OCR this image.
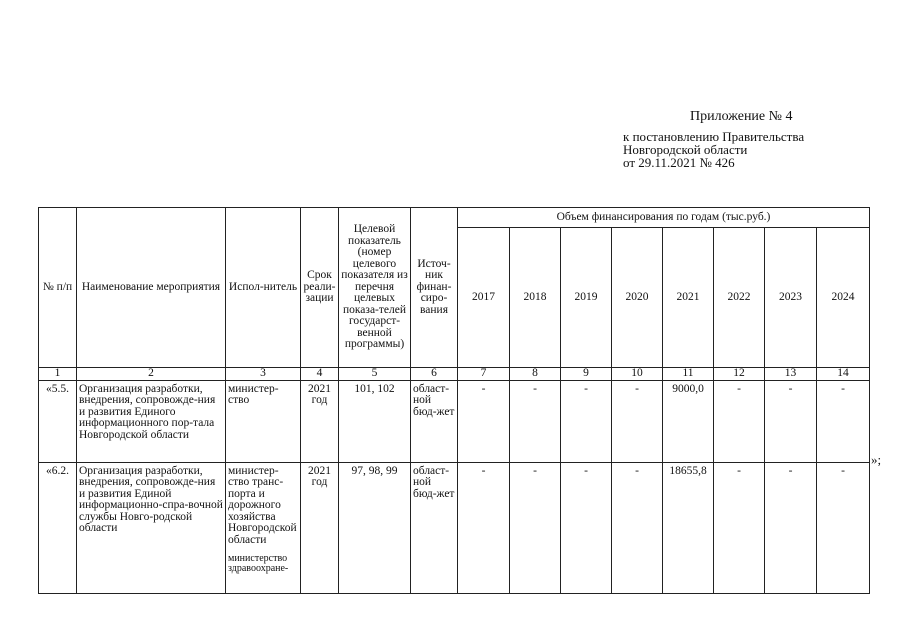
Приложение № 4
к постановлению Правительства
Новгородской области
от 29.11.2021 № 426
№ п/п	Наименование мероприятия	Испол-нитель	Срок реали-зации	Целевой показатель (номер целевого показателя из перечня целевых показа-телей государст-венной программы)	Источ-ник финан-сиро-вания	Объем финансирования по годам (тыс.руб.)							
						2017	2018	2019	2020	2021	2022	2023	2024
1	2	3	4	5	6	7	8	9	10	11	12	13	14
«5.5.	Организация разработки, внедрения, сопровожде-ния и развития Единого информационного пор-тала Новгородской области	министер-ство	2021 год	101, 102	област-ной бюд-жет	-	-	-	-	9000,0	-	-	-
«6.2.	Организация разработки, внедрения, сопровожде-ния и развития Единой информационно-спра-вочной службы Новго-родской области	министер-ство транс-порта и дорожного хозяйства Новгородской области
министерство здравоохране-	2021 год	97, 98, 99	област-ной бюд-жет	-	-	-	-	18655,8	-	-	-
»;
